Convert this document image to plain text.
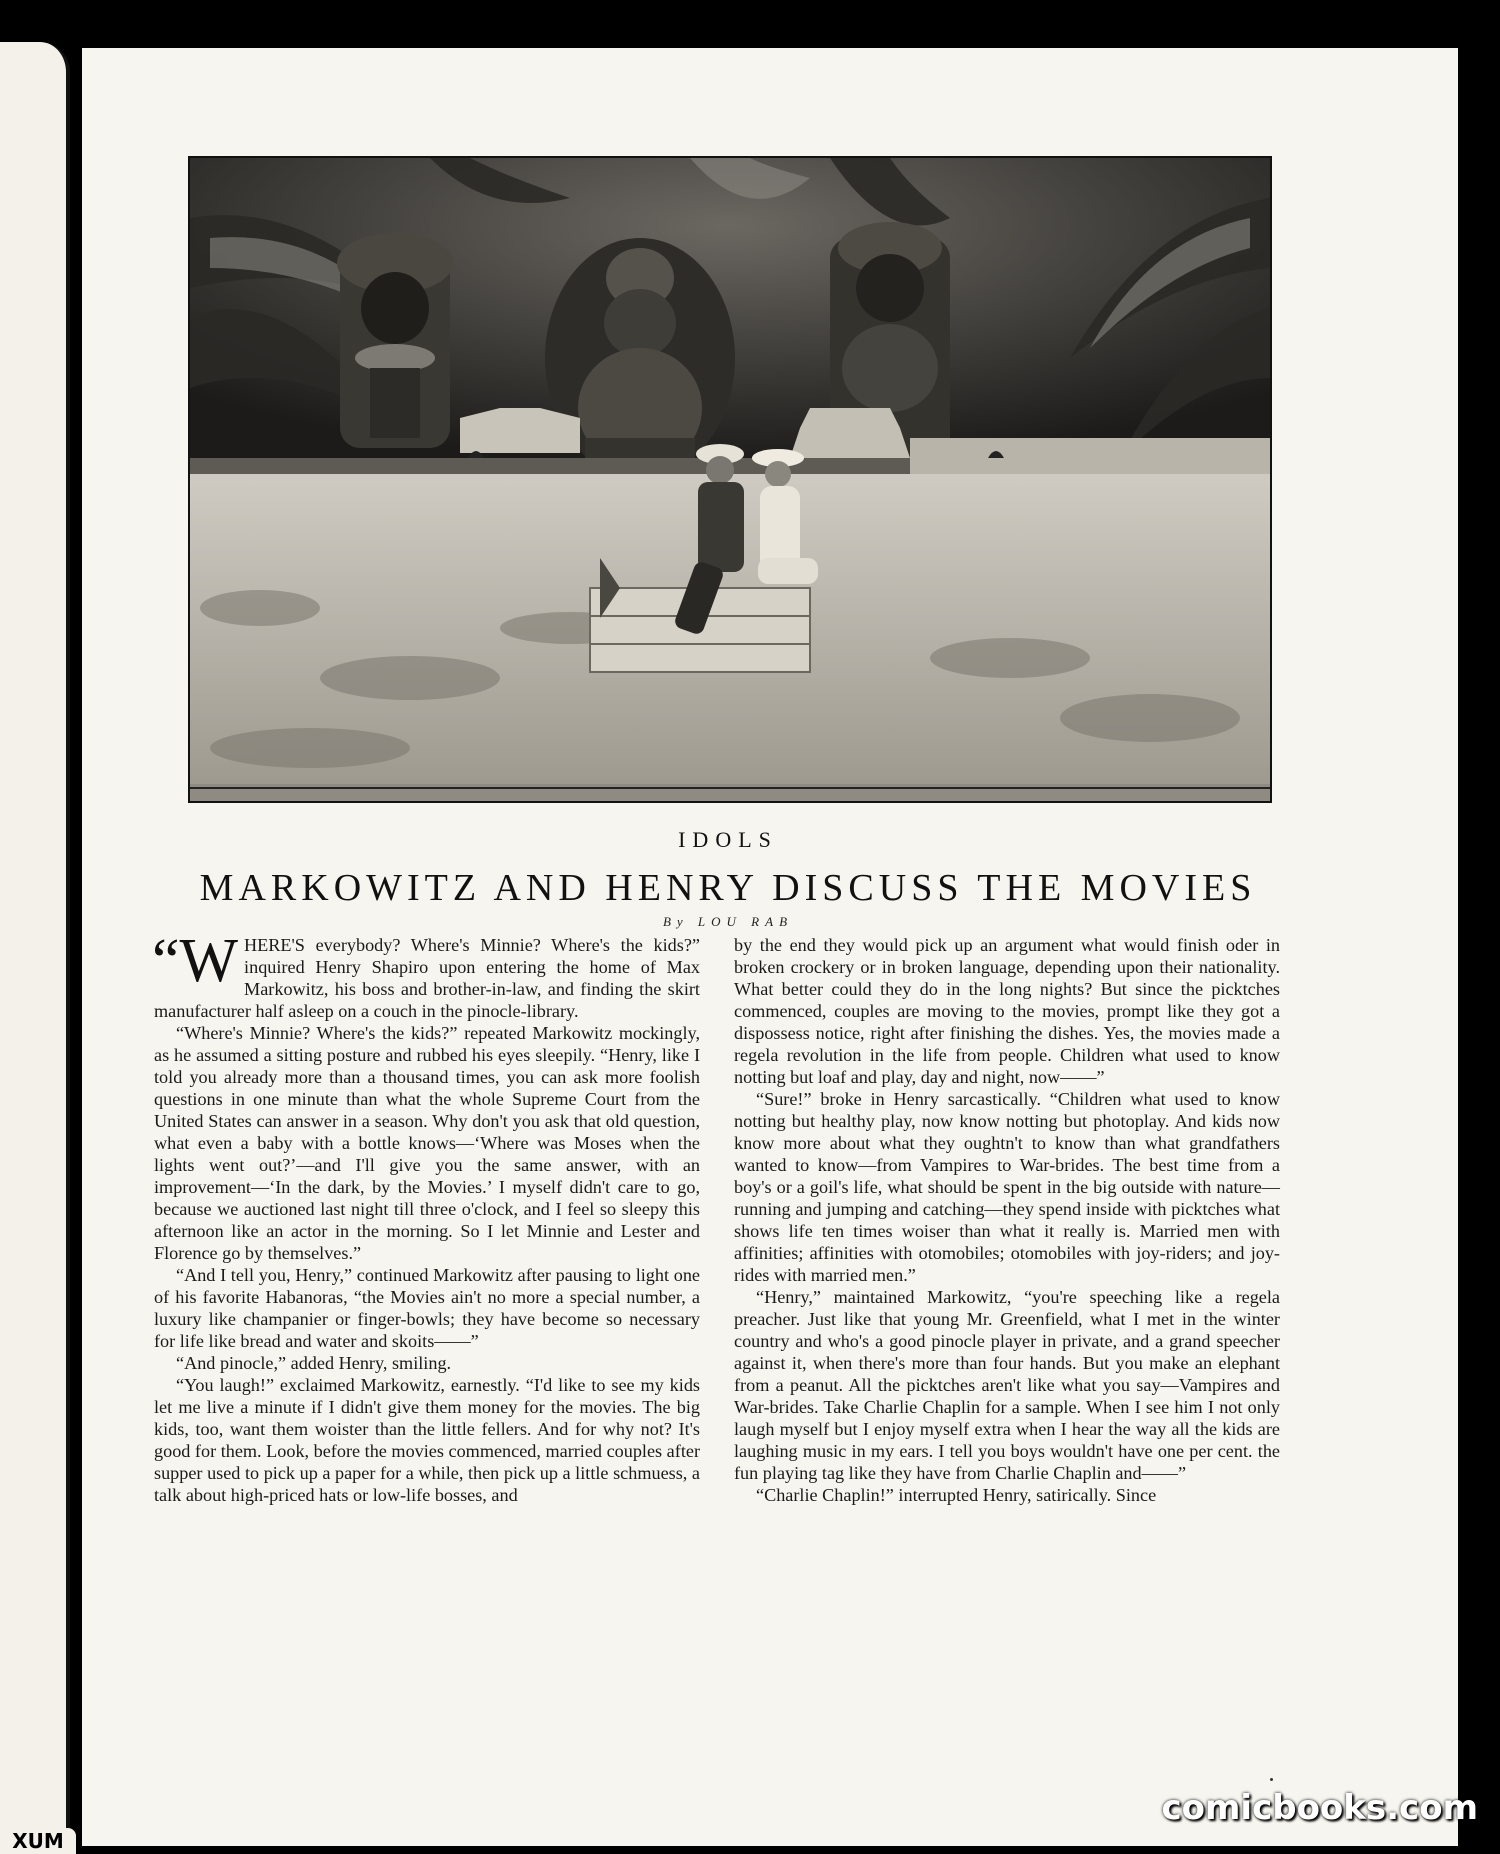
IDOLS
MARKOWITZ AND HENRY DISCUSS THE MOVIES
By LOU RAB

“WHERE'S everybody? Where's Minnie? Where's the kids?” inquired Henry Shapiro upon entering the home of Max Markowitz, his boss and brother-in-law, and finding the skirt manufacturer half asleep on a couch in the pinocle-library.

“Where's Minnie? Where's the kids?” repeated Markowitz mockingly, as he assumed a sitting posture and rubbed his eyes sleepily. “Henry, like I told you already more than a thousand times, you can ask more foolish questions in one minute than what the whole Supreme Court from the United States can answer in a season. Why don't you ask that old question, what even a baby with a bottle knows—‘Where was Moses when the lights went out?’—and I'll give you the same answer, with an improvement—‘In the dark, by the Movies.’ I myself didn't care to go, because we auctioned last night till three o'clock, and I feel so sleepy this afternoon like an actor in the morning. So I let Minnie and Lester and Florence go by themselves.”

“And I tell you, Henry,” continued Markowitz after pausing to light one of his favorite Habanoras, “the Movies ain't no more a special number, a luxury like champanier or finger-bowls; they have become so necessary for life like bread and water and skoits——”

“And pinocle,” added Henry, smiling.

“You laugh!” exclaimed Markowitz, earnestly. “I'd like to see my kids let me live a minute if I didn't give them money for the movies. The big kids, too, want them woister than the little fellers. And for why not? It's good for them. Look, before the movies commenced, married couples after supper used to pick up a paper for a while, then pick up a little schmuess, a talk about high-priced hats or low-life bosses, and

by the end they would pick up an argument what would finish oder in broken crockery or in broken language, depending upon their nationality. What better could they do in the long nights? But since the picktches commenced, couples are moving to the movies, prompt like they got a dispossess notice, right after finishing the dishes. Yes, the movies made a regela revolution in the life from people. Children what used to know notting but loaf and play, day and night, now——”

“Sure!” broke in Henry sarcastically. “Children what used to know notting but healthy play, now know notting but photoplay. And kids now know more about what they oughtn't to know than what grandfathers wanted to know—from Vampires to War-brides. The best time from a boy's or a goil's life, what should be spent in the big outside with nature—running and jumping and catching—they spend inside with picktches what shows life ten times woiser than what it really is. Married men with affinities; affinities with otomobiles; otomobiles with joy-riders; and joy-rides with married men.”

“Henry,” maintained Markowitz, “you're speeching like a regela preacher. Just like that young Mr. Greenfield, what I met in the winter country and who's a good pinocle player in private, and a grand speecher against it, when there's more than four hands. But you make an elephant from a peanut. All the picktches aren't like what you say—Vampires and War-brides. Take Charlie Chaplin for a sample. When I see him I not only laugh myself but I enjoy myself extra when I hear the way all the kids are laughing music in my ears. I tell you boys wouldn't have one per cent. the fun playing tag like they have from Charlie Chaplin and——”

“Charlie Chaplin!” interrupted Henry, satirically. Since

comicbooks.com
XUM
